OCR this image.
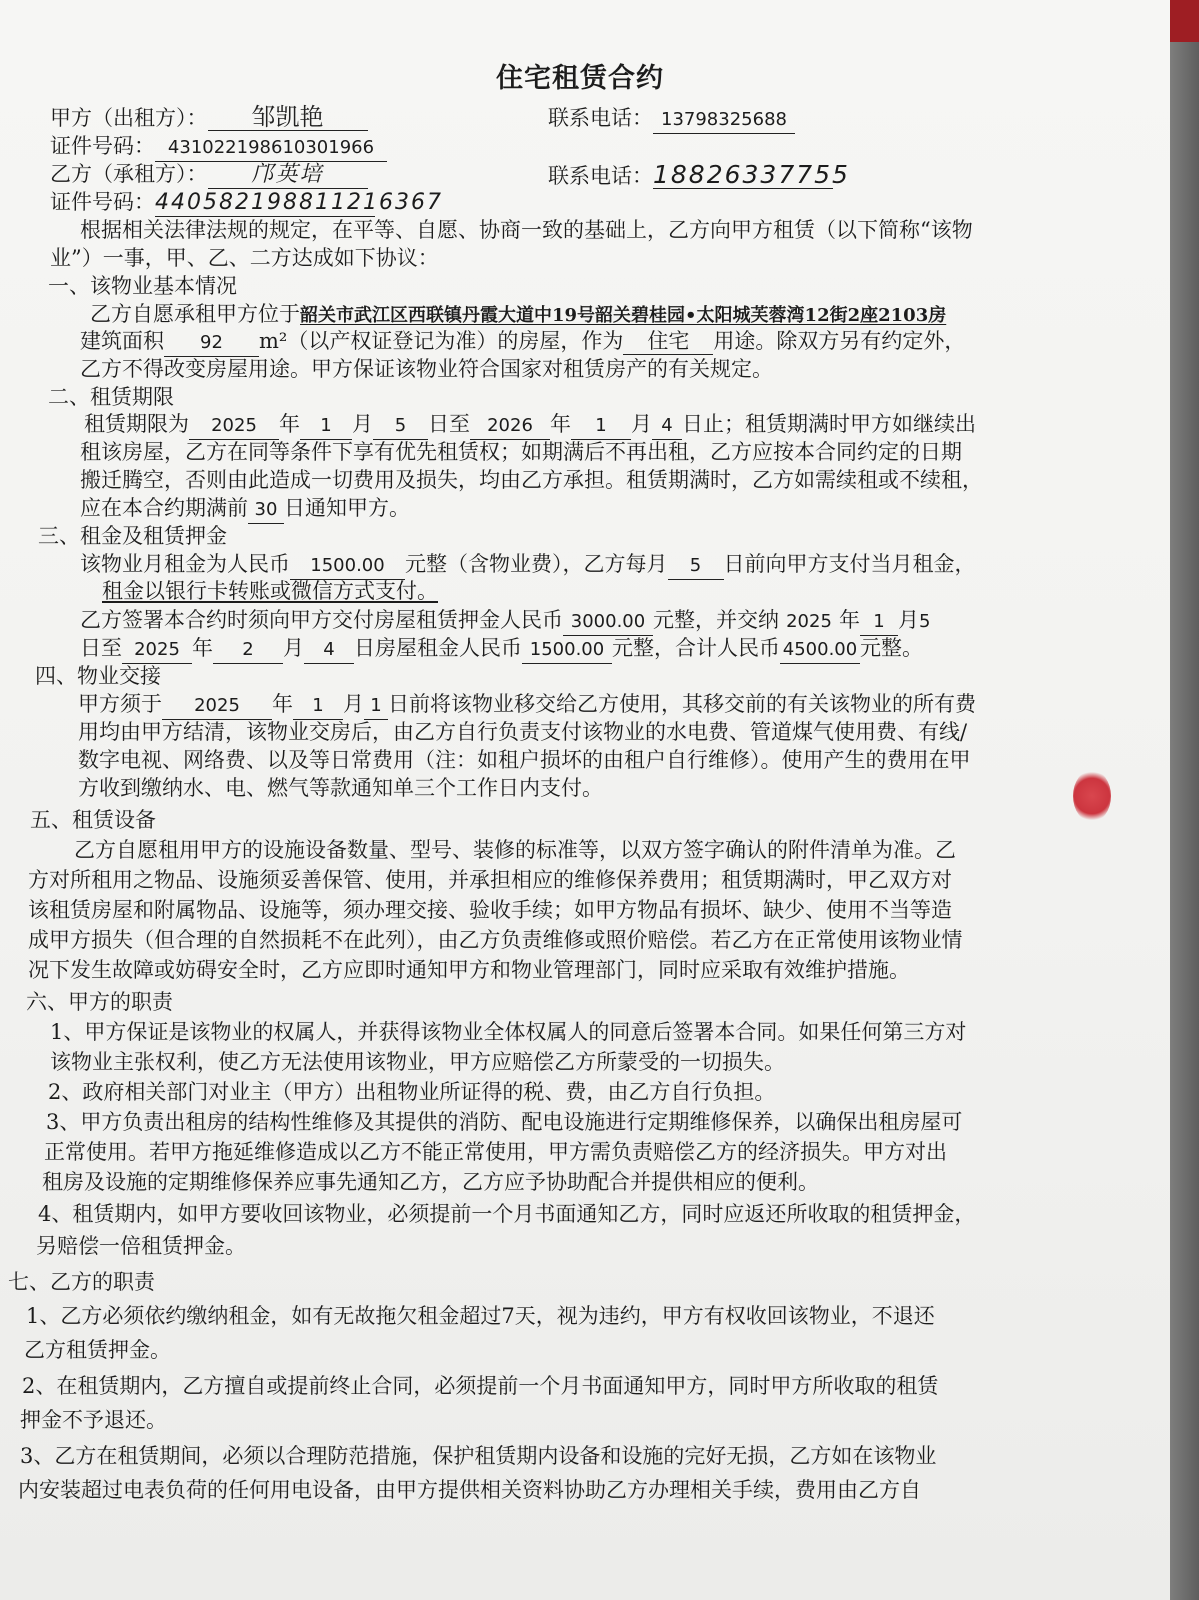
住宅租赁合约
甲方（出租方）： 邹凯艳	联系电话： 13798325688
证件号码： 431022198610301966
乙方（承租方）： 邝英培	联系电话：18826337755
证件号码：440582198811216367
根据相关法律法规的规定，在平等、自愿、协商一致的基础上，乙方向甲方租赁（以下简称“该物
业”）一事，甲、乙、二方达成如下协议：
一、该物业基本情况
乙方自愿承租甲方位于韶关市武江区西联镇丹霞大道中19号韶关碧桂园•太阳城芙蓉湾12街2座2103房
建筑面积 92 m²（以产权证登记为准）的房屋，作为 住宅 用途。除双方另有约定外，
乙方不得改变房屋用途。甲方保证该物业符合国家对租赁房产的有关规定。
二、租赁期限
租赁期限为 2025 年 1 月 5 日至 2026 年 1 月 4 日止；租赁期满时甲方如继续出
租该房屋，乙方在同等条件下享有优先租赁权；如期满后不再出租，乙方应按本合同约定的日期
搬迁腾空，否则由此造成一切费用及损失，均由乙方承担。租赁期满时，乙方如需续租或不续租，
应在本合约期满前 30 日通知甲方。
三、租金及租赁押金
该物业月租金为人民币 1500.00 元整（含物业费），乙方每月 5 日前向甲方支付当月租金，
租金以银行卡转账或微信方式支付。
乙方签署本合约时须向甲方交付房屋租赁押金人民币 3000.00 元整，并交纳 2025 年 1 月5
日至 2025 年 2 月 4 日房屋租金人民币 1500.00 元整，合计人民币 4500.00 元整。
四、物业交接
甲方须于 2025 年 1 月 1 日前将该物业移交给乙方使用，其移交前的有关该物业的所有费
用均由甲方结清，该物业交房后，由乙方自行负责支付该物业的水电费、管道煤气使用费、有线/
数字电视、网络费、以及等日常费用（注：如租户损坏的由租户自行维修）。使用产生的费用在甲
方收到缴纳水、电、燃气等款通知单三个工作日内支付。
五、租赁设备
乙方自愿租用甲方的设施设备数量、型号、装修的标准等，以双方签字确认的附件清单为准。乙
方对所租用之物品、设施须妥善保管、使用，并承担相应的维修保养费用；租赁期满时，甲乙双方对
该租赁房屋和附属物品、设施等，须办理交接、验收手续；如甲方物品有损坏、缺少、使用不当等造
成甲方损失（但合理的自然损耗不在此列），由乙方负责维修或照价赔偿。若乙方在正常使用该物业情
况下发生故障或妨碍安全时，乙方应即时通知甲方和物业管理部门，同时应采取有效维护措施。
六、甲方的职责
1、甲方保证是该物业的权属人，并获得该物业全体权属人的同意后签署本合同。如果任何第三方对
该物业主张权利，使乙方无法使用该物业，甲方应赔偿乙方所蒙受的一切损失。
2、政府相关部门对业主（甲方）出租物业所证得的税、费，由乙方自行负担。
3、甲方负责出租房的结构性维修及其提供的消防、配电设施进行定期维修保养，以确保出租房屋可
正常使用。若甲方拖延维修造成以乙方不能正常使用，甲方需负责赔偿乙方的经济损失。甲方对出
租房及设施的定期维修保养应事先通知乙方，乙方应予协助配合并提供相应的便利。
4、租赁期内，如甲方要收回该物业，必须提前一个月书面通知乙方，同时应返还所收取的租赁押金，
另赔偿一倍租赁押金。
七、乙方的职责
1、乙方必须依约缴纳租金，如有无故拖欠租金超过7天，视为违约，甲方有权收回该物业，不退还
乙方租赁押金。
2、在租赁期内，乙方擅自或提前终止合同，必须提前一个月书面通知甲方，同时甲方所收取的租赁
押金不予退还。
3、乙方在租赁期间，必须以合理防范措施，保护租赁期内设备和设施的完好无损，乙方如在该物业
内安装超过电表负荷的任何用电设备，由甲方提供相关资料协助乙方办理相关手续，费用由乙方自
